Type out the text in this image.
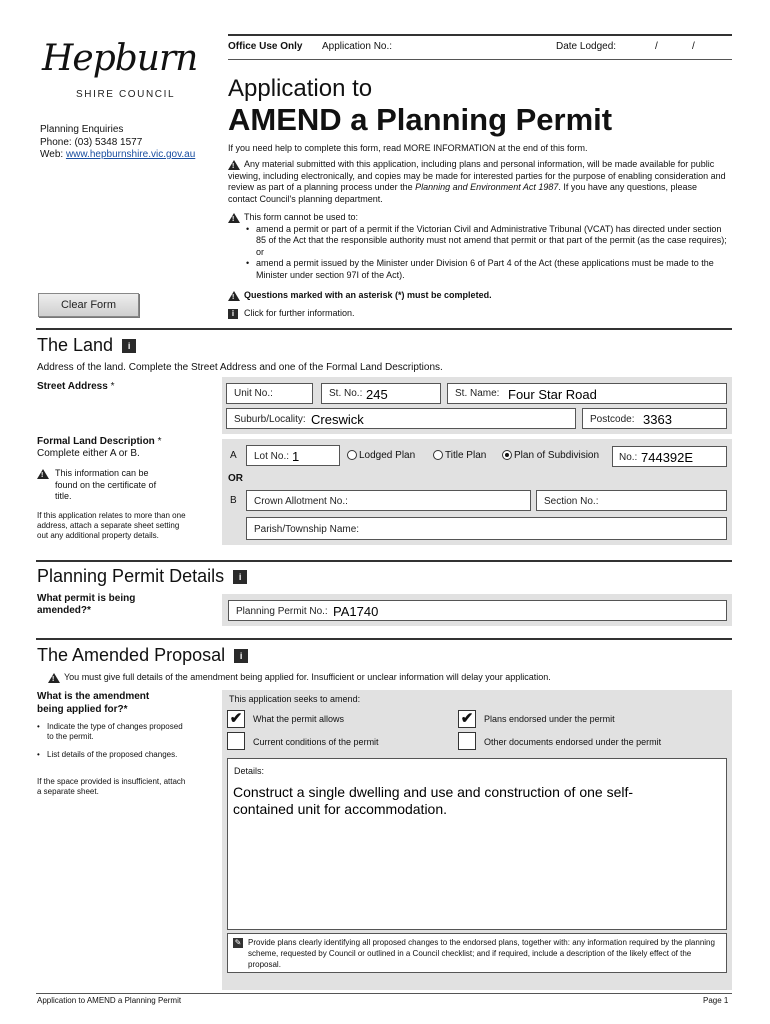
Office Use Only Application No.:	Date Lodged:	/	/
Hepburn
SHIRE COUNCIL
Planning Enquiries
Phone: (03) 5348 1577
Web: www.hepburnshire.vic.gov.au
Application to
AMEND a Planning Permit
If you need help to complete this form, read MORE INFORMATION at the end of this form.
!Any material submitted with this application, including plans and personal information, will be made available for public viewing, including electronically, and copies may be made for interested parties for the purpose of enabling consideration and review as part of a planning process under the Planning and Environment Act 1987. If you have any questions, please contact Council's planning department.
!This form cannot be used to:
• amend a permit or part of a permit if the Victorian Civil and Administrative Tribunal (VCAT) has directed under section 85 of the Act that the responsible authority must not amend that permit or that part of the permit (as the case requires); or
• amend a permit issued by the Minister under Division 6 of Part 4 of the Act (these applications must be made to the Minister under section 97I of the Act).
!Questions marked with an asterisk (*) must be completed.
i Click for further information.
Clear Form
The Land i
Address of the land. Complete the Street Address and one of the Formal Land Descriptions.
Street Address *
Unit No.:	St. No.: 245	St. Name: Four Star Road
Suburb/Locality: Creswick	Postcode: 3363
Formal Land Description *
Complete either A or B.
!
This information can be found on the certificate of title.
If this application relates to more than one address, attach a separate sheet setting out any additional property details.
A Lot No.: 1	Lodged Plan	Title Plan	Plan of Subdivision No.: 744392E
OR
B Crown Allotment No.:	Section No.:
Parish/Township Name:
Planning Permit Details i
What permit is being amended?*	Planning Permit No.: PA1740
The Amended Proposal i
!You must give full details of the amendment being applied for. Insufficient or unclear information will delay your application.
What is the amendment being applied for?*
• Indicate the type of changes proposed to the permit.
• List details of the proposed changes.
If the space provided is insufficient, attach a separate sheet.
This application seeks to amend:
✔	What the permit allows	✔	Plans endorsed under the permit
Current conditions of the permit	Other documents endorsed under the permit
Details:
Construct a single dwelling and use and construction of one self-contained unit for accommodation.
✎ Provide plans clearly identifying all proposed changes to the endorsed plans, together with: any information required by the planning scheme, requested by Council or outlined in a Council checklist; and if required, include a description of the likely effect of the proposal.
Application to AMEND a Planning Permit	Page 1
